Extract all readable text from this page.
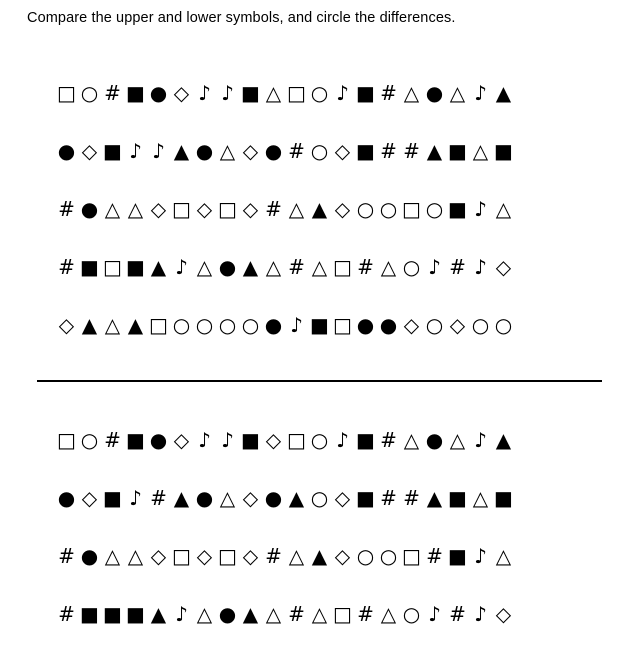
Compare the upper and lower symbols, and circle the differences.
□ ○ # ■ ● ◇ ♪ ♪ ■ △ □ ○ ♪ ■ # △ ● △ ♪ ▲
● ◇ ■ ♪ ♪ ▲ ● △ ◇ ● # ○ ◇ ■ # # ▲ ■ △ ■
# ● △ △ ◇ □ ◇ □ ◇ # △ ▲ ◇ ○ ○ □ ○ ■ ♪ △
# ■ □ ■ ▲ ♪ △ ● ▲ △ # △ □ # △ ○ ♪ # ♪ ◇
◇ ▲ △ ▲ □ ○ ○ ○ ○ ● ♪ ■ □ ● ● ◇ ○ ◇ ○ ○
□ ○ # ■ ● ◇ ♪ ♪ ■ ◇ □ ○ ♪ ■ # △ ● △ ♪ ▲
● ◇ ■ ♪ # ▲ ● △ ◇ ● ▲ ○ ◇ ■ # # ▲ ■ △ ■
# ● △ △ ◇ □ ◇ □ ◇ # △ ▲ ◇ ○ ○ □ # ■ ♪ △
# ■ ■ ■ ▲ ♪ △ ● ▲ △ # △ □ # △ ○ ♪ # ♪ ◇
